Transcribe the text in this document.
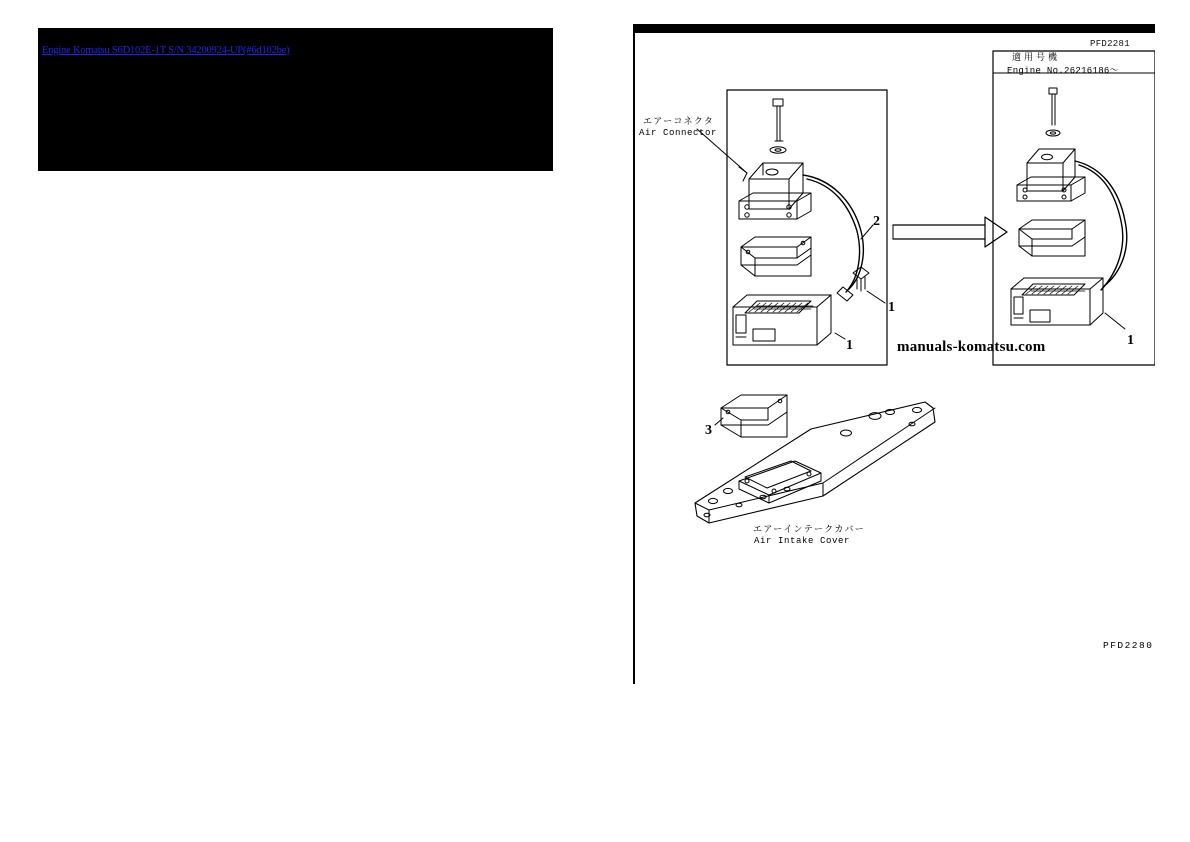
Engine Komatsu S6D102E-1T S/N 34200924-UP(#6d102be)
適用号機
Engine No.26216186～
PFD2281
エアーコネクタ
Air Connector
エアーインテークカバー
Air Intake Cover
1
1
2
3
1
manuals-komatsu.com
PFD2280
